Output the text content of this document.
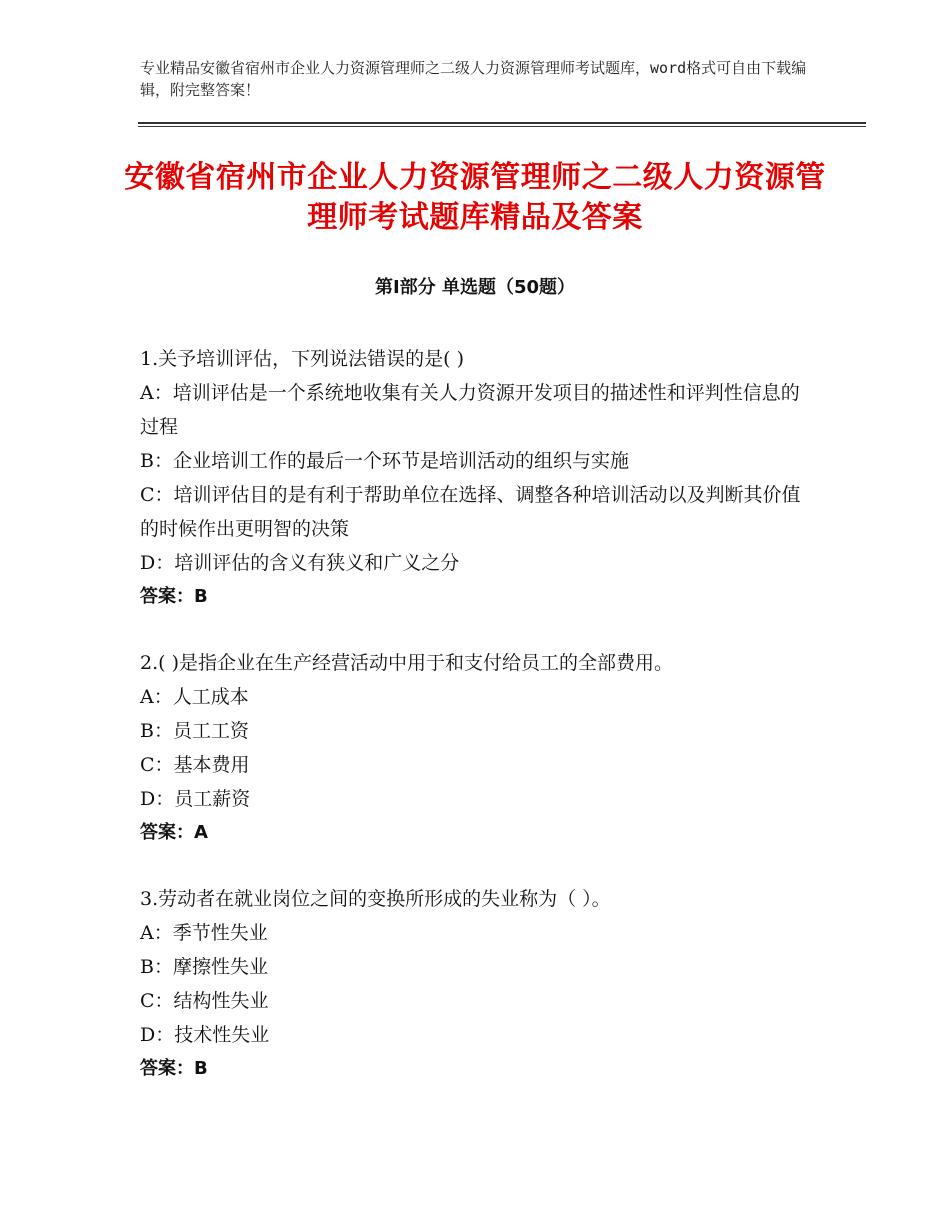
专业精品安徽省宿州市企业人力资源管理师之二级人力资源管理师考试题库，word格式可自由下载编辑，附完整答案！
安徽省宿州市企业人力资源管理师之二级人力资源管理师考试题库精品及答案
第I部分 单选题（50题）
1.关予培训评估，下列说法错误的是( )
A：培训评估是一个系统地收集有关人力资源开发项目的描述性和评判性信息的过程
B：企业培训工作的最后一个环节是培训活动的组织与实施
C：培训评估目的是有利于帮助单位在选择、调整各种培训活动以及判断其价值的时候作出更明智的决策
D：培训评估的含义有狭义和广义之分
答案：B
2.( )是指企业在生产经营活动中用于和支付给员工的全部费用。
A：人工成本
B：员工工资
C：基本费用
D：员工薪资
答案：A
3.劳动者在就业岗位之间的变换所形成的失业称为（ ）。
A：季节性失业
B：摩擦性失业
C：结构性失业
D：技术性失业
答案：B
